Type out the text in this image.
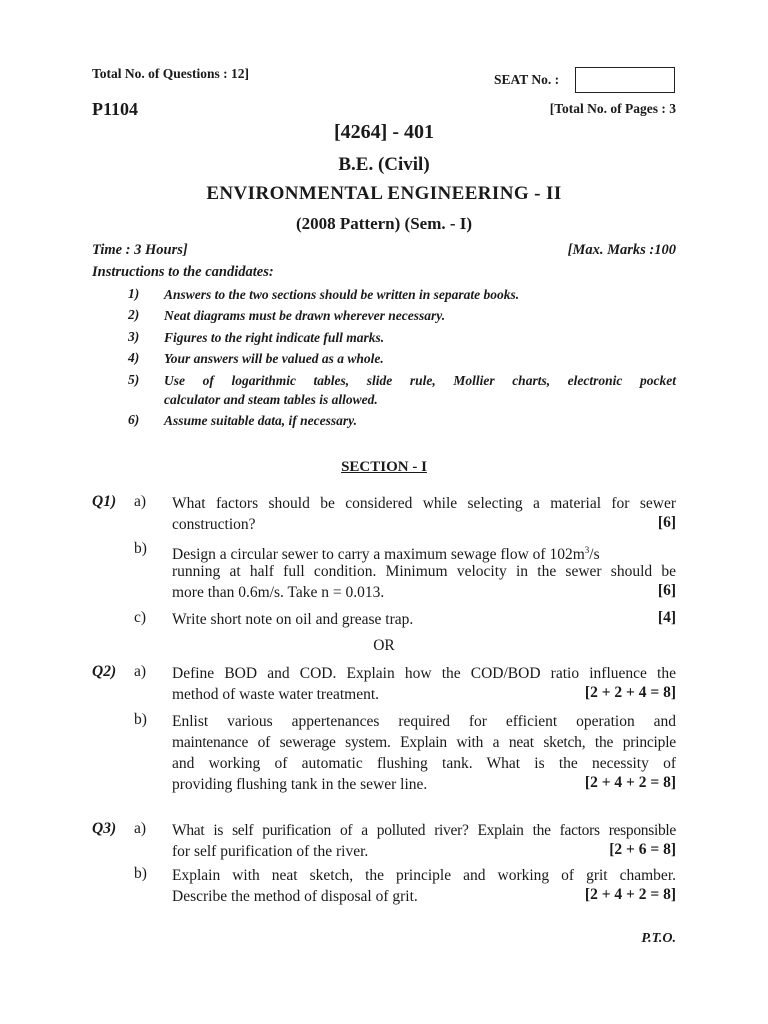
Total No. of Questions : 12]	SEAT No. :
P1104	[Total No. of Pages : 3
[4264] - 401
B.E. (Civil)
ENVIRONMENTAL ENGINEERING - II
(2008 Pattern) (Sem. - I)
Time : 3 Hours]	[Max. Marks :100
Instructions to the candidates:
1) Answers to the two sections should be written in separate books.
2) Neat diagrams must be drawn wherever necessary.
3) Figures to the right indicate full marks.
4) Your answers will be valued as a whole.
5) Use of logarithmic tables, slide rule, Mollier charts, electronic pocket
calculator and steam tables is allowed.
6) Assume suitable data, if necessary.
SECTION - I
Q1) a) What factors should be considered while selecting a material for sewer
construction?	[6]
b) Design a circular sewer to carry a maximum sewage flow of $102m^3/s$
running at half full condition. Minimum velocity in the sewer should be
more than 0.6m/s. Take n = 0.013.	[6]
c) Write short note on oil and grease trap.	[4]
OR
Q2) a) Define BOD and COD. Explain how the COD/BOD ratio influence the
method of waste water treatment.	[2 + 2 + 4 = 8]
b) Enlist various appertenances required for efficient operation and
maintenance of sewerage system. Explain with a neat sketch, the principle
and working of automatic flushing tank. What is the necessity of
providing flushing tank in the sewer line.	[2 + 4 + 2 = 8]
Q3) a) What is self purification of a polluted river? Explain the factors responsible
for self purification of the river.	[2 + 6 = 8]
b) Explain with neat sketch, the principle and working of grit chamber.
Describe the method of disposal of grit.	[2 + 4 + 2 = 8]
P.T.O.
